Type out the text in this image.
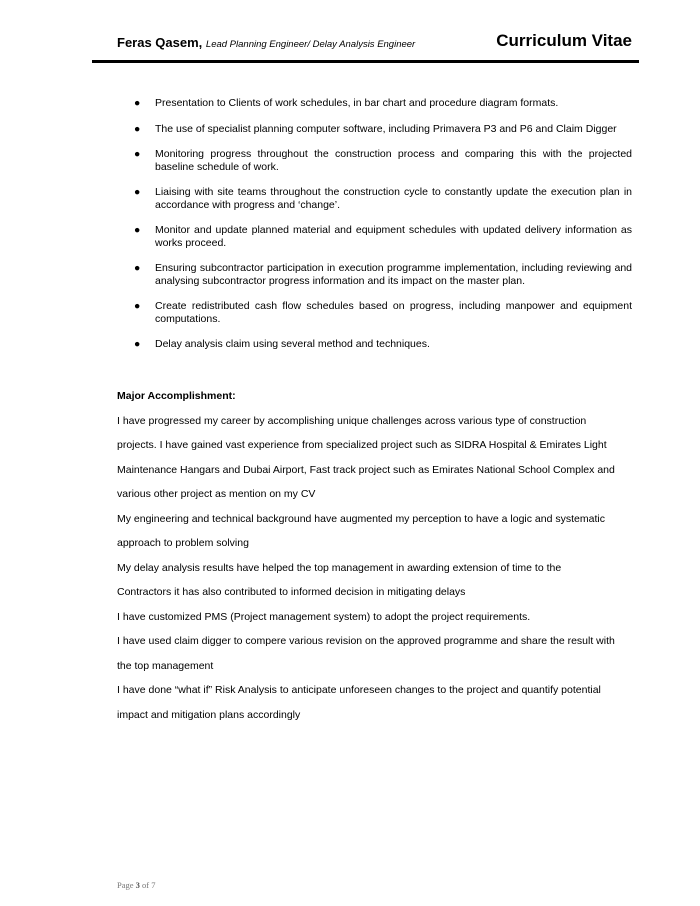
Feras Qasem, Lead Planning Engineer/ Delay Analysis Engineer	Curriculum Vitae
● Presentation to Clients of work schedules, in bar chart and procedure diagram formats.
● The use of specialist planning computer software, including Primavera P3 and P6 and Claim Digger
● Monitoring progress throughout the construction process and comparing this with the projected baseline schedule of work.
● Liaising with site teams throughout the construction cycle to constantly update the execution plan in accordance with progress and ‘change’.
● Monitor and update planned material and equipment schedules with updated delivery information as works proceed.
● Ensuring subcontractor participation in execution programme implementation, including reviewing and analysing subcontractor progress information and its impact on the master plan.
● Create redistributed cash flow schedules based on progress, including manpower and equipment computations.
● Delay analysis claim using several method and techniques.

Major Accomplishment:

I have progressed my career by accomplishing unique challenges across various type of construction

projects. I have gained vast experience from specialized project such as SIDRA Hospital & Emirates Light

Maintenance Hangars and Dubai Airport, Fast track project such as Emirates National School Complex and

various other project as mention on my CV

My engineering and technical background have augmented my perception to have a logic and systematic

approach to problem solving

My delay analysis results have helped the top management in awarding extension of time to the

Contractors it has also contributed to informed decision in mitigating delays

I have customized PMS (Project management system) to adopt the project requirements.

I have used claim digger to compere various revision on the approved programme and share the result with

the top management

I have done “what if” Risk Analysis to anticipate unforeseen changes to the project and quantify potential

impact and mitigation plans accordingly

Page 3 of 7
